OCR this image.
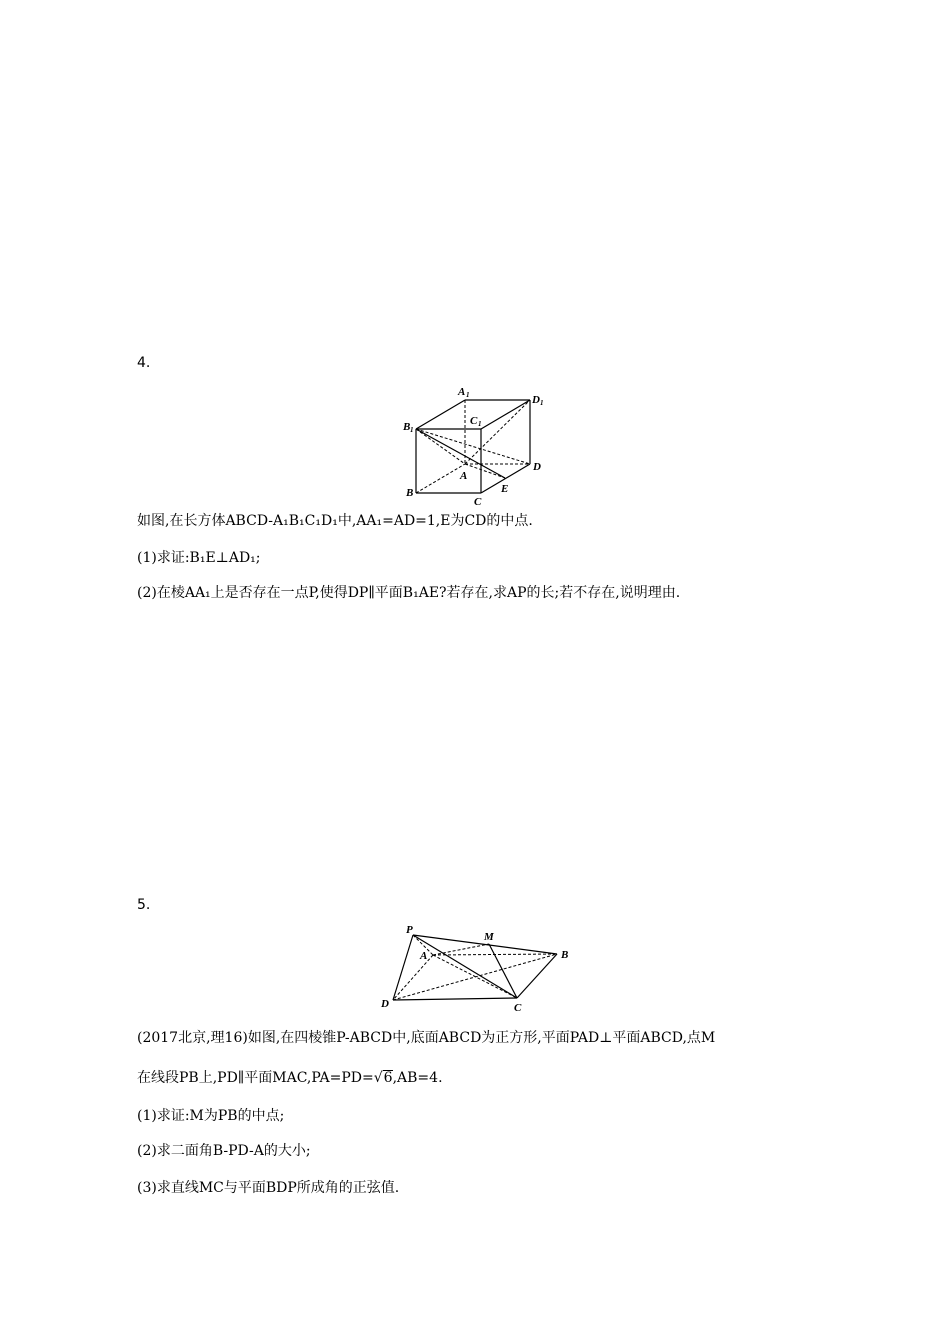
4.
A 1	D 1
C 1
B 1
D
A
B
C
E
如图,在长方体ABCD-A₁B₁C₁D₁中,AA₁=AD=1,E为CD的中点.
(1)求证:B₁E⊥AD₁;
(2)在棱AA₁上是否存在一点P,使得DP∥平面B₁AE?若存在,求AP的长;若不存在,说明理由.
5.
P
M
A	B
C
D
(2017北京,理16)如图,在四棱锥P-ABCD中,底面ABCD为正方形,平面PAD⊥平面ABCD,点M
在线段PB上,PD∥平面MAC,PA=PD=√6,AB=4.
(1)求证:M为PB的中点;
(2)求二面角B-PD-A的大小;
(3)求直线MC与平面BDP所成角的正弦值.
